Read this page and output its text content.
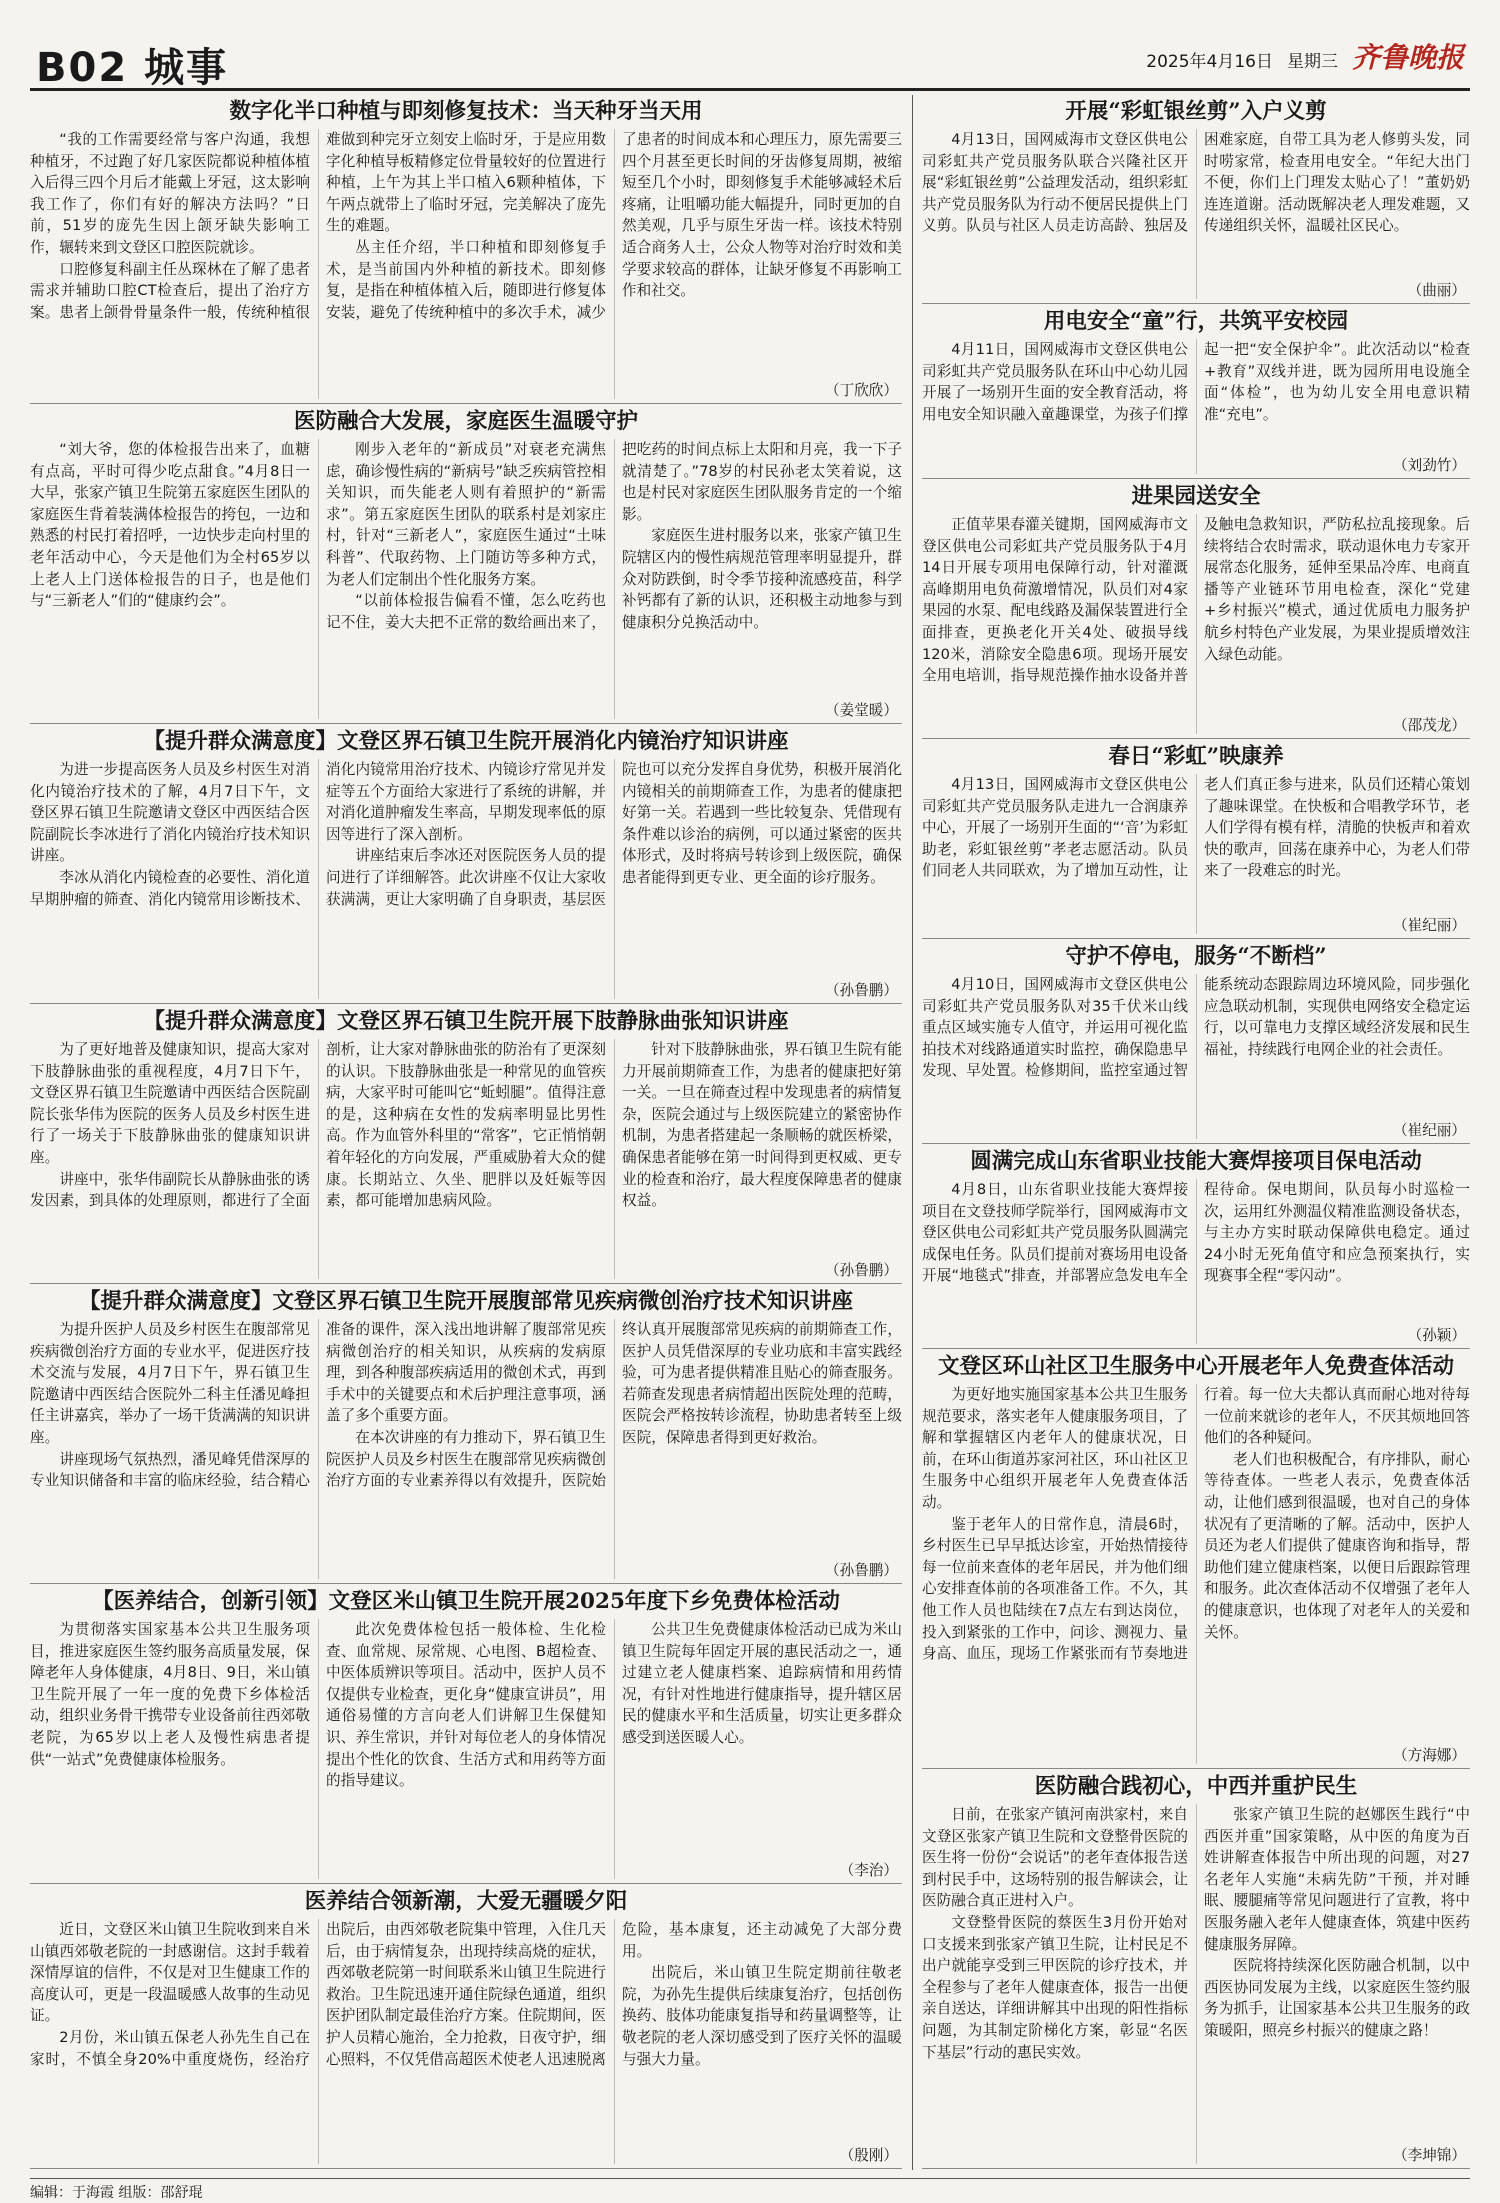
B02 城事	2025年4月16日 星期三 齐鲁晚报
数字化半口种植与即刻修复技术：当天种牙当天用

“我的工作需要经常与客户沟通，我想种植牙，不过跑了好几家医院都说种植体植入后得三四个月后才能戴上牙冠，这太影响我工作了，你们有好的解决方法吗？”日前，51岁的庞先生因上颌牙缺失影响工作，辗转来到文登区口腔医院就诊。

口腔修复科副主任丛琛林在了解了患者需求并辅助口腔CT检查后，提出了治疗方案。患者上颌骨骨量条件一般，传统种植很难做到种完牙立刻安上临时牙，于是应用数字化种植导板精修定位骨量较好的位置进行种植，上午为其上半口植入6颗种植体，下午两点就带上了临时牙冠，完美解决了庞先生的难题。

丛主任介绍，半口种植和即刻修复手术，是当前国内外种植的新技术。即刻修复，是指在种植体植入后，随即进行修复体安装，避免了传统种植中的多次手术，减少了患者的时间成本和心理压力，原先需要三四个月甚至更长时间的牙齿修复周期，被缩短至几个小时，即刻修复手术能够减轻术后疼痛，让咀嚼功能大幅提升，同时更加的自然美观，几乎与原生牙齿一样。该技术特别适合商务人士，公众人物等对治疗时效和美学要求较高的群体，让缺牙修复不再影响工作和社交。

（丁欣欣）
医防融合大发展，家庭医生温暖守护

“刘大爷，您的体检报告出来了，血糖有点高，平时可得少吃点甜食。”4月8日一大早，张家产镇卫生院第五家庭医生团队的家庭医生背着装满体检报告的挎包，一边和熟悉的村民打着招呼，一边快步走向村里的老年活动中心，今天是他们为全村65岁以上老人上门送体检报告的日子，也是他们与“三新老人”们的“健康约会”。

刚步入老年的“新成员”对衰老充满焦虑，确诊慢性病的“新病号”缺乏疾病管控相关知识，而失能老人则有着照护的“新需求”。第五家庭医生团队的联系村是刘家庄村，针对“三新老人”，家庭医生通过“土味科普”、代取药物、上门随访等多种方式，为老人们定制出个性化服务方案。

“以前体检报告偏看不懂，怎么吃药也记不住，姜大夫把不正常的数给画出来了，把吃药的时间点标上太阳和月亮，我一下子就清楚了。”78岁的村民孙老太笑着说，这也是村民对家庭医生团队服务肯定的一个缩影。

家庭医生进村服务以来，张家产镇卫生院辖区内的慢性病规范管理率明显提升，群众对防跌倒，时令季节接种流感疫苗，科学补钙都有了新的认识，还积极主动地参与到健康积分兑换活动中。

（姜堂暖）
【提升群众满意度】文登区界石镇卫生院开展消化内镜治疗知识讲座

为进一步提高医务人员及乡村医生对消化内镜治疗技术的了解，4月7日下午，文登区界石镇卫生院邀请文登区中西医结合医院副院长李冰进行了消化内镜治疗技术知识讲座。

李冰从消化内镜检查的必要性、消化道早期肿瘤的筛查、消化内镜常用诊断技术、消化内镜常用治疗技术、内镜诊疗常见并发症等五个方面给大家进行了系统的讲解，并对消化道肿瘤发生率高，早期发现率低的原因等进行了深入剖析。

讲座结束后李冰还对医院医务人员的提问进行了详细解答。此次讲座不仅让大家收获满满，更让大家明确了自身职责，基层医院也可以充分发挥自身优势，积极开展消化内镜相关的前期筛查工作，为患者的健康把好第一关。若遇到一些比较复杂、凭借现有条件难以诊治的病例，可以通过紧密的医共体形式，及时将病号转诊到上级医院，确保患者能得到更专业、更全面的诊疗服务。

（孙鲁鹏）
【提升群众满意度】文登区界石镇卫生院开展下肢静脉曲张知识讲座

为了更好地普及健康知识，提高大家对下肢静脉曲张的重视程度，4月7日下午，文登区界石镇卫生院邀请中西医结合医院副院长张华伟为医院的医务人员及乡村医生进行了一场关于下肢静脉曲张的健康知识讲座。

讲座中，张华伟副院长从静脉曲张的诱发因素，到具体的处理原则，都进行了全面剖析，让大家对静脉曲张的防治有了更深刻的认识。下肢静脉曲张是一种常见的血管疾病，大家平时可能叫它“蚯蚓腿”。值得注意的是，这种病在女性的发病率明显比男性高。作为血管外科里的“常客”，它正悄悄朝着年轻化的方向发展，严重威胁着大众的健康。长期站立、久坐、肥胖以及妊娠等因素，都可能增加患病风险。

针对下肢静脉曲张，界石镇卫生院有能力开展前期筛查工作，为患者的健康把好第一关。一旦在筛查过程中发现患者的病情复杂，医院会通过与上级医院建立的紧密协作机制，为患者搭建起一条顺畅的就医桥梁，确保患者能够在第一时间得到更权威、更专业的检查和治疗，最大程度保障患者的健康权益。

（孙鲁鹏）
【提升群众满意度】文登区界石镇卫生院开展腹部常见疾病微创治疗技术知识讲座

为提升医护人员及乡村医生在腹部常见疾病微创治疗方面的专业水平，促进医疗技术交流与发展，4月7日下午，界石镇卫生院邀请中西医结合医院外二科主任潘见峰担任主讲嘉宾，举办了一场干货满满的知识讲座。

讲座现场气氛热烈，潘见峰凭借深厚的专业知识储备和丰富的临床经验，结合精心准备的课件，深入浅出地讲解了腹部常见疾病微创治疗的相关知识，从疾病的发病原理，到各种腹部疾病适用的微创术式，再到手术中的关键要点和术后护理注意事项，涵盖了多个重要方面。

在本次讲座的有力推动下，界石镇卫生院医护人员及乡村医生在腹部常见疾病微创治疗方面的专业素养得以有效提升，医院始终认真开展腹部常见疾病的前期筛查工作，医护人员凭借深厚的专业功底和丰富实践经验，可为患者提供精准且贴心的筛查服务。若筛查发现患者病情超出医院处理的范畴，医院会严格按转诊流程，协助患者转至上级医院，保障患者得到更好救治。

（孙鲁鹏）
【医养结合，创新引领】文登区米山镇卫生院开展2025年度下乡免费体检活动

为贯彻落实国家基本公共卫生服务项目，推进家庭医生签约服务高质量发展，保障老年人身体健康，4月8日、9日，米山镇卫生院开展了一年一度的免费下乡体检活动，组织业务骨干携带专业设备前往西郊敬老院，为65岁以上老人及慢性病患者提供“一站式”免费健康体检服务。

此次免费体检包括一般体检、生化检查、血常规、尿常规、心电图、B超检查、中医体质辨识等项目。活动中，医护人员不仅提供专业检查，更化身“健康宣讲员”，用通俗易懂的方言向老人们讲解卫生保健知识、养生常识，并针对每位老人的身体情况提出个性化的饮食、生活方式和用药等方面的指导建议。

公共卫生免费健康体检活动已成为米山镇卫生院每年固定开展的惠民活动之一，通过建立老人健康档案、追踪病情和用药情况，有针对性地进行健康指导，提升辖区居民的健康水平和生活质量，切实让更多群众感受到送医暖人心。

（李治）
医养结合领新潮，大爱无疆暖夕阳

近日，文登区米山镇卫生院收到来自米山镇西郊敬老院的一封感谢信。这封手载着深情厚谊的信件，不仅是对卫生健康工作的高度认可，更是一段温暖感人故事的生动见证。

2月份，米山镇五保老人孙先生自己在家时，不慎全身20%中重度烧伤，经治疗出院后，由西郊敬老院集中管理，入住几天后，由于病情复杂，出现持续高烧的症状，西郊敬老院第一时间联系米山镇卫生院进行救治。卫生院迅速开通住院绿色通道，组织医护团队制定最佳治疗方案。住院期间，医护人员精心施治，全力抢救，日夜守护，细心照料，不仅凭借高超医术使老人迅速脱离危险，基本康复，还主动减免了大部分费用。

出院后，米山镇卫生院定期前往敬老院，为孙先生提供后续康复治疗，包括创伤换药、肢体功能康复指导和药量调整等，让敬老院的老人深切感受到了医疗关怀的温暖与强大力量。

（殷刚）
开展“彩虹银丝剪”入户义剪

4月13日，国网威海市文登区供电公司彩虹共产党员服务队联合兴隆社区开展“彩虹银丝剪”公益理发活动，组织彩虹共产党员服务队为行动不便居民提供上门义剪。队员与社区人员走访高龄、独居及困难家庭，自带工具为老人修剪头发，同时唠家常，检查用电安全。“年纪大出门不便，你们上门理发太贴心了！”董奶奶连连道谢。活动既解决老人理发难题，又传递组织关怀，温暖社区民心。

（曲丽）
用电安全“童”行，共筑平安校园

4月11日，国网威海市文登区供电公司彩虹共产党员服务队在环山中心幼儿园开展了一场别开生面的安全教育活动，将用电安全知识融入童趣课堂，为孩子们撑起一把“安全保护伞”。此次活动以“检查+教育”双线并进，既为园所用电设施全面“体检”，也为幼儿安全用电意识精准“充电”。

（刘劲竹）
进果园送安全

正值苹果春灌关键期，国网威海市文登区供电公司彩虹共产党员服务队于4月14日开展专项用电保障行动，针对灌溉高峰期用电负荷激增情况，队员们对4家果园的水泵、配电线路及漏保装置进行全面排查，更换老化开关4处、破损导线120米，消除安全隐患6项。现场开展安全用电培训，指导规范操作抽水设备并普及触电急救知识，严防私拉乱接现象。后续将结合农时需求，联动退休电力专家开展常态化服务，延伸至果品冷库、电商直播等产业链环节用电检查，深化“党建+乡村振兴”模式，通过优质电力服务护航乡村特色产业发展，为果业提质增效注入绿色动能。

（邵茂龙）
春日“彩虹”映康养

4月13日，国网威海市文登区供电公司彩虹共产党员服务队走进九一合润康养中心，开展了一场别开生面的“‘音’为彩虹助老，彩虹银丝剪”孝老志愿活动。队员们同老人共同联欢，为了增加互动性，让老人们真正参与进来，队员们还精心策划了趣味课堂。在快板和合唱教学环节，老人们学得有模有样，清脆的快板声和着欢快的歌声，回荡在康养中心，为老人们带来了一段难忘的时光。

（崔纪丽）
守护不停电，服务“不断档”

4月10日，国网威海市文登区供电公司彩虹共产党员服务队对35千伏米山线重点区域实施专人值守，并运用可视化监拍技术对线路通道实时监控，确保隐患早发现、早处置。检修期间，监控室通过智能系统动态跟踪周边环境风险，同步强化应急联动机制，实现供电网络安全稳定运行，以可靠电力支撑区域经济发展和民生福祉，持续践行电网企业的社会责任。

（崔纪丽）
圆满完成山东省职业技能大赛焊接项目保电活动

4月8日，山东省职业技能大赛焊接项目在文登技师学院举行，国网威海市文登区供电公司彩虹共产党员服务队圆满完成保电任务。队员们提前对赛场用电设备开展“地毯式”排查，并部署应急发电车全程待命。保电期间，队员每小时巡检一次，运用红外测温仪精准监测设备状态，与主办方实时联动保障供电稳定。通过24小时无死角值守和应急预案执行，实现赛事全程“零闪动”。

（孙颖）
文登区环山社区卫生服务中心开展老年人免费查体活动

为更好地实施国家基本公共卫生服务规范要求，落实老年人健康服务项目，了解和掌握辖区内老年人的健康状况，日前，在环山街道苏家河社区，环山社区卫生服务中心组织开展老年人免费查体活动。

鉴于老年人的日常作息，清晨6时，乡村医生已早早抵达诊室，开始热情接待每一位前来查体的老年居民，并为他们细心安排查体前的各项准备工作。不久，其他工作人员也陆续在7点左右到达岗位，投入到紧张的工作中，问诊、测视力、量身高、血压，现场工作紧张而有节奏地进行着。每一位大夫都认真而耐心地对待每一位前来就诊的老年人，不厌其烦地回答他们的各种疑问。

老人们也积极配合，有序排队，耐心等待查体。一些老人表示，免费查体活动，让他们感到很温暖，也对自己的身体状况有了更清晰的了解。活动中，医护人员还为老人们提供了健康咨询和指导，帮助他们建立健康档案，以便日后跟踪管理和服务。此次查体活动不仅增强了老年人的健康意识，也体现了对老年人的关爱和关怀。

（方海娜）
医防融合践初心，中西并重护民生

日前，在张家产镇河南洪家村，来自文登区张家产镇卫生院和文登整骨医院的医生将一份份“会说话”的老年查体报告送到村民手中，这场特别的报告解读会，让医防融合真正进村入户。

文登整骨医院的蔡医生3月份开始对口支援来到张家产镇卫生院，让村民足不出户就能享受到三甲医院的诊疗技术，并全程参与了老年人健康查体，报告一出便亲自送达，详细讲解其中出现的阳性指标问题，为其制定阶梯化方案，彰显“名医下基层”行动的惠民实效。

张家产镇卫生院的赵娜医生践行“中西医并重”国家策略，从中医的角度为百姓讲解查体报告中所出现的问题，对27名老年人实施“未病先防”干预，并对睡眠、腰腿痛等常见问题进行了宣教，将中医服务融入老年人健康查体，筑建中医药健康服务屏障。

医院将持续深化医防融合机制，以中西医协同发展为主线，以家庭医生签约服务为抓手，让国家基本公共卫生服务的政策暖阳，照亮乡村振兴的健康之路！

（李坤锦）
编辑：于海霞 组版：邵舒琨
